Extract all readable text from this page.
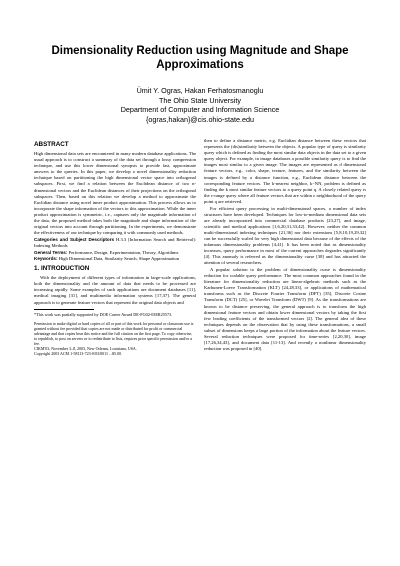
Dimensionality Reduction using Magnitude and Shape Approximations
Ümit Y. Ogras, Hakan Ferhatosmanoglu
The Ohio State University
Department of Computer and Information Science
{ogras,hakan}@cis.ohio-state.edu
ABSTRACT

High dimensional data sets are encountered in many modern database applications. The usual approach is to construct a summary of the data set through a lossy compression technique, and use this lower dimensional synopsis to provide fast, approximate answers to the queries. In this paper, we develop a novel dimensionality reduction technique based on partitioning the high dimensional vector space into orthogonal subspaces. First, we find a relation between the Euclidean distance of two n-dimensional vectors and the Euclidean distances of their projections on the orthogonal subspaces. Then, based on this relation we develop a method to approximate the Euclidian distance using novel inner product approximation. This process allows us to incorporate the shape information of the vectors to this approximation. While the inner product approximation is symmetric, i.e., captures only the magnitude information of the data, the proposed method takes both the magnitude and shape information of the original vectors into account through partitioning. In the experiments, we demonstrate the effectiveness of our technique by comparing it with commonly used methods.

Categories and Subject Descriptors H.3.3 [Information Search and Retrieval]: Indexing Methods

General Terms: Performance, Design, Experimentation, Theory, Algorithms

Keywords: High Dimensional Data, Similarity Search, Shape Approximation

1. INTRODUCTION

With the deployment of different types of information in large-scale applications, both the dimensionality and the amount of data that needs to be processed are increasing rapidly. Some examples of such applications are document databases [11], medical imaging [31], and multimedia information systems [17,37]. The general approach is to generate feature vectors that represent the original data objects and

*This work was partially supported by DOE Career Award DE-FG02-03ER25573.
Permission to make digital or hard copies of all or part of this work for personal or classroom use is granted without fee provided that copies are not made or distributed for profit or commercial advantage and that copies bear this notice and the full citation on the first page. To copy otherwise, to republish, to post on servers or to redistribute to lists, requires prior specific permission and/or a fee.
CIKM'03, November 3–8, 2003, New Orleans, Louisiana, USA.
Copyright 2003 ACM 1-58113-723-0/03/0011 ...$5.00.

then to define a distance metric, e.g. Euclidian distance between these vectors that represents the (dis)similarity between the objects. A popular type of query is similarity query which is defined as finding the most similar data objects in the data set to a given query object. For example, in image databases a possible similarity query is to find the images most similar to a given image. The images are represented as d dimensional feature vectors, e.g., color, shape, texture, features, and the similarity between the images is defined by a distance function, e.g., Euclidean distance between the corresponding feature vectors. The k-nearest neighbor, k−NN, problem is defined as finding the k most similar feature vectors to a query point q. A closely related query is the ε-range query where all feature vectors that are within ε neighborhood of the query point q are retrieved.

For efficient query processing in multi-dimensional spaces, a number of index structures have been developed. Techniques for low-to-medium dimensional data sets are already incorporated into commercial database products [23,27], and image, scientific and medical applications [1,6,20,31,33,42]. However, neither the common multi-dimensional indexing techniques [21,36] nor their extensions [5,8,10,19,29,32] can be successfully scaled for very high dimensional data because of the effects of the infamous dimensionality problems [4,41]. It has been noted that as dimensionality increases, query performance in most of the current approaches degrades significantly [4]. This anomaly is referred as the dimensionality curse [38] and has attracted the attention of several researchers.

A popular solution to the problem of dimensionality curse is dimensionality reduction for scalable query performance. The most common approaches found in the literature for dimensionality reduction are linear-algebraic methods such as the Karhunen-Loeve Transformation (KLT) [24,28,33], or applications of mathematical transforms such as the Discrete Fourier Transform (DFT) [35], Discrete Cosine Transform (DCT) [25], or Wavelet Transform (DWT) [9]. As the transformations are known to be distance preserving, the general approach is to transform the high dimensional feature vectors and obtain lower dimensional vectors by taking the first few leading coefficients of the transformed vectors [2]. The general idea of these techniques depends on the observation that by using these transformations, a small subset of dimensions keeps a large portion of the information about the feature vectors. Several reduction techniques were proposed for time-series [2,20,30], image [17,26,34,43], and document data [11-13]. And recently a nonlinear dimensionality reduction was proposed in [40].
